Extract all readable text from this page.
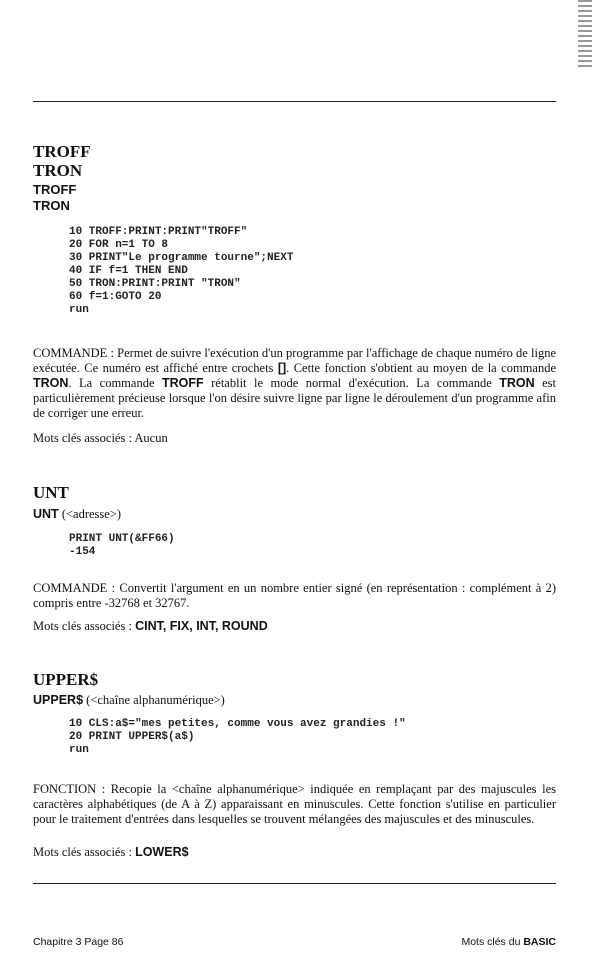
TROFF
TRON
TROFF
TRON
10 TROFF:PRINT:PRINT"TROFF"
20 FOR n=1 TO 8
30 PRINT"Le programme tourne";NEXT
40 IF f=1 THEN END
50 TRON:PRINT:PRINT "TRON"
60 f=1:GOTO 20
run

COMMANDE : Permet de suivre l'exécution d'un programme par l'affichage de chaque numéro de ligne exécutée. Ce numéro est affiché entre crochets []. Cette fonction s'obtient au moyen de la commande TRON. La commande TROFF rétablit le mode normal d'exécution. La commande TRON est particulièrement précieuse lorsque l'on désire suivre ligne par ligne le déroulement d'un programme afin de corriger une erreur.

Mots clés associés : Aucun
UNT
UNT (<adresse>)
PRINT UNT(&FF66)
-154

COMMANDE : Convertit l'argument en un nombre entier signé (en représentation : complément à 2) compris entre -32768 et 32767.

Mots clés associés : CINT, FIX, INT, ROUND
UPPER$
UPPER$ (<chaîne alphanumérique>)
10 CLS:a$="mes petites, comme vous avez grandies !"
20 PRINT UPPER$(a$)
run

FONCTION : Recopie la <chaîne alphanumérique> indiquée en remplaçant par des majuscules les caractères alphabétiques (de A à Z) apparaissant en minuscules. Cette fonction s'utilise en particulier pour le traitement d'entrées dans lesquelles se trouvent mélangées des majuscules et des minuscules.

Mots clés associés : LOWER$
Chapitre 3 Page 86	Mots clés du BASIC
